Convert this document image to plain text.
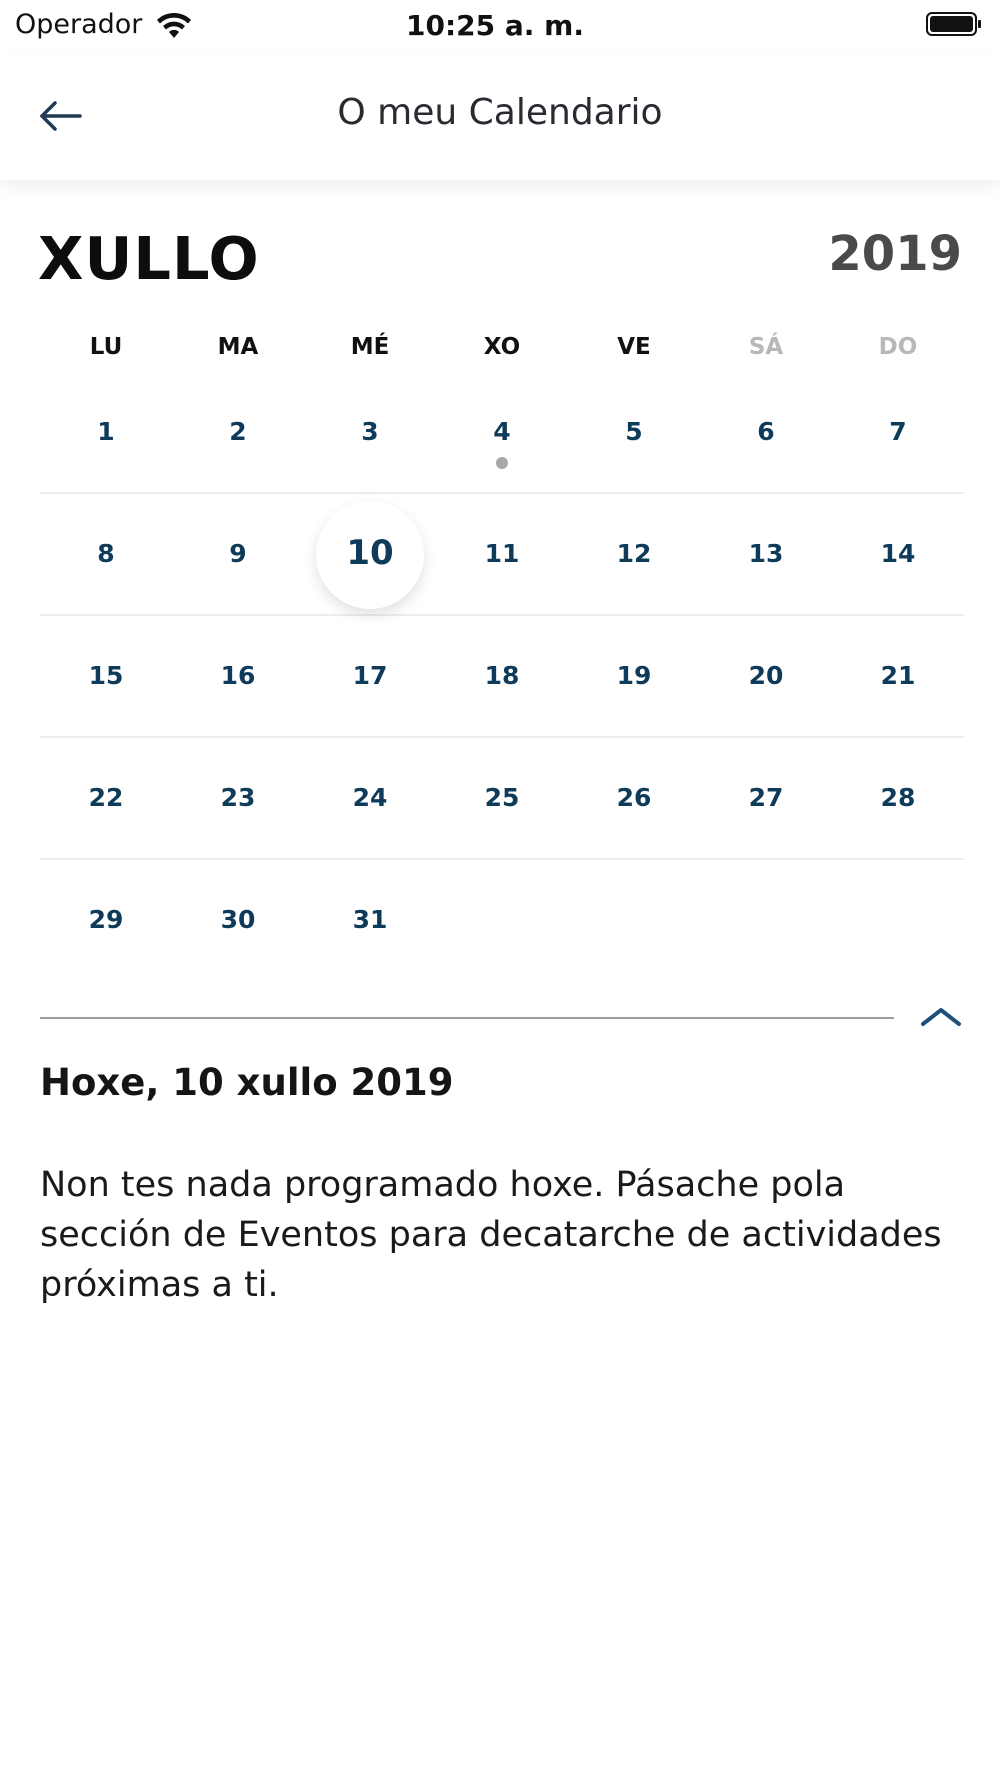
Operador	10:25 a. m.
O meu Calendario
XULLO	2019
LU	MA	MÉ	XO	VE	SÁ	DO
1	2	3	4	5	6	7
8	9	10	11	12	13	14
15	16	17	18	19	20	21
22	23	24	25	26	27	28
29	30	31
Hoxe, 10 xullo 2019
Non tes nada programado hoxe. Pásache pola sección de Eventos para decatarche de actividades próximas a ti.
